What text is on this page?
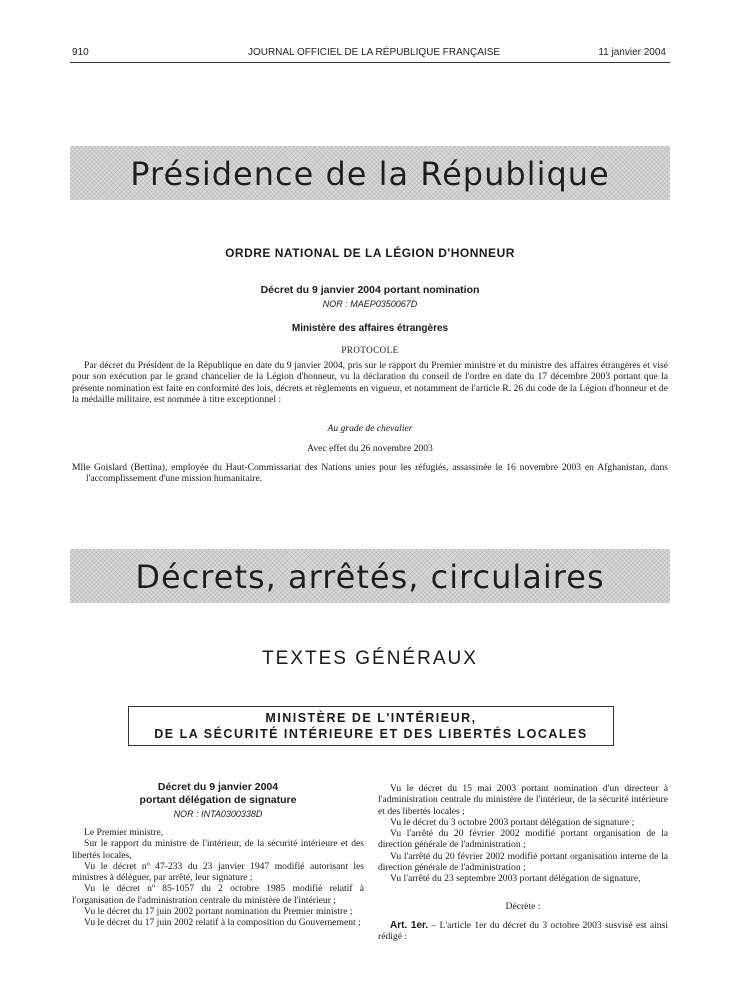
910	JOURNAL OFFICIEL DE LA RÉPUBLIQUE FRANÇAISE	11 janvier 2004
Présidence de la République
ORDRE NATIONAL DE LA LÉGION D'HONNEUR
Décret du 9 janvier 2004 portant nomination
NOR : MAEP0350067D
Ministère des affaires étrangères
PROTOCOLE
Par décret du Président de la République en date du 9 janvier 2004, pris sur le rapport du Premier ministre et du ministre des affaires étrangères et visé pour son exécution par le grand chancelier de la Légion d'honneur, vu la déclaration du conseil de l'ordre en date du 17 décembre 2003 portant que la présente nomination est faite en conformité des lois, décrets et règlements en vigueur, et notamment de l'article R. 26 du code de la Légion d'honneur et de la médaille militaire, est nommée à titre exceptionnel :
Au grade de chevalier
Avec effet du 26 novembre 2003
Mlle Goislard (Bettina), employée du Haut-Commissariat des Nations unies pour les réfugiés, assassinée le 16 novembre 2003 en Afghanistan, dans l'accomplissement d'une mission humanitaire.
Décrets, arrêtés, circulaires
TEXTES GÉNÉRAUX
MINISTÈRE DE L'INTÉRIEUR,
DE LA SÉCURITÉ INTÉRIEURE ET DES LIBERTÉS LOCALES
Décret du 9 janvier 2004
portant délégation de signature
NOR : INTA0300338D

Le Premier ministre,

Sur le rapport du ministre de l'intérieur, de la sécurité intérieure et des libertés locales,

Vu le décret nº 47-233 du 23 janvier 1947 modifié autorisant les ministres à déléguer, par arrêté, leur signature ;

Vu le décret nº 85-1057 du 2 octobre 1985 modifié relatif à l'organisation de l'administration centrale du ministère de l'intérieur ;

Vu le décret du 17 juin 2002 portant nomination du Premier ministre ;

Vu le décret du 17 juin 2002 relatif à la composition du Gouvernement ;

Vu le décret du 15 mai 2003 portant nomination d'un directeur à l'administration centrale du ministère de l'intérieur, de la sécurité intérieure et des libertés locales ;

Vu le décret du 3 octobre 2003 portant délégation de signature ;

Vu l'arrêté du 20 février 2002 modifié portant organisation de la direction générale de l'administration ;

Vu l'arrêté du 20 février 2002 modifié portant organisation interne de la direction générale de l'administration ;

Vu l'arrêté du 23 septembre 2003 portant délégation de signature,

Décrète :

Art. 1er. – L'article 1er du décret du 3 octobre 2003 susvisé est ainsi rédigé :
